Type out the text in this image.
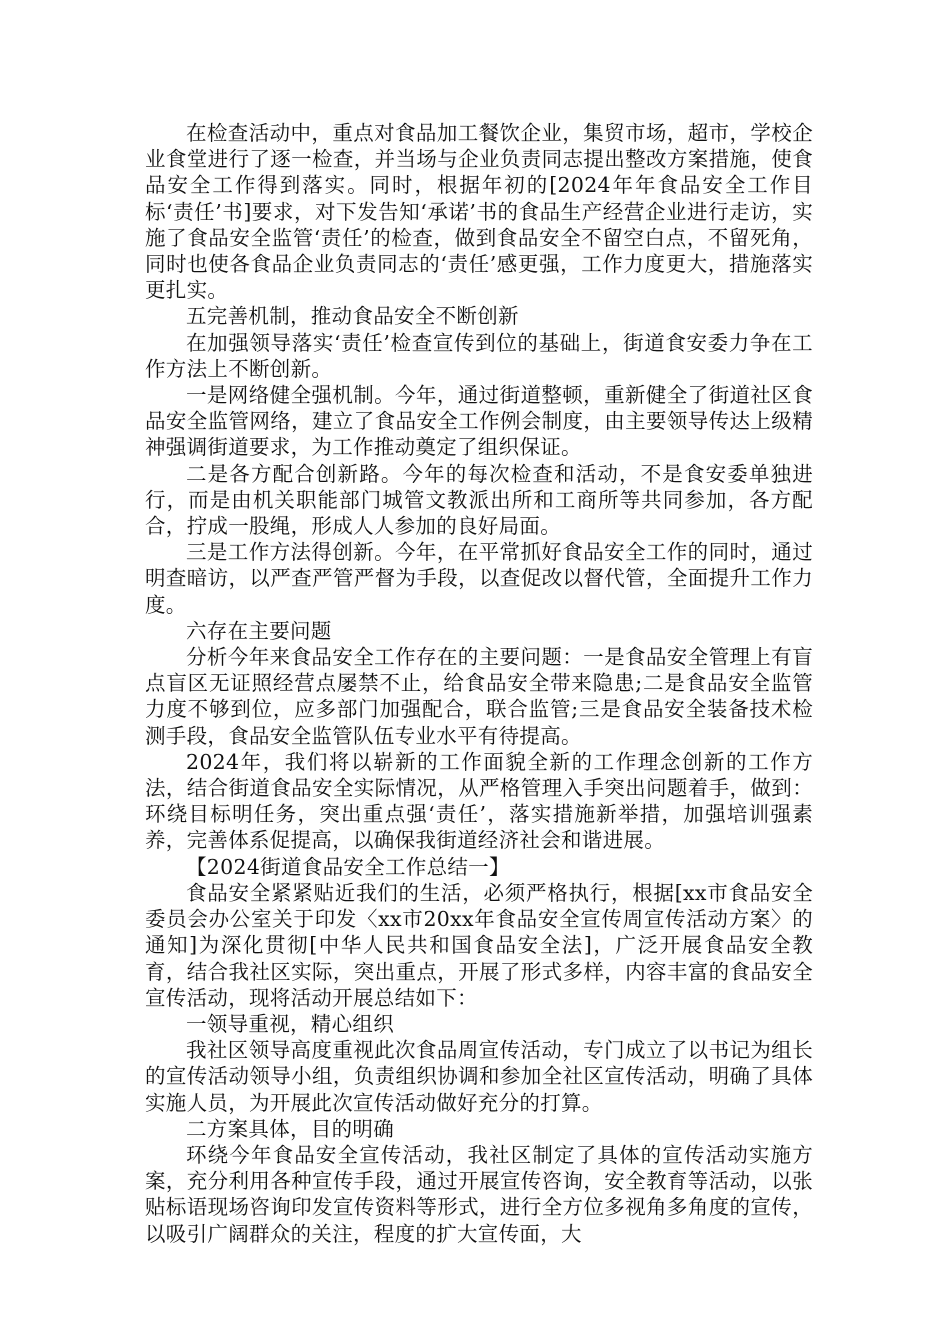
在检查活动中，重点对食品加工餐饮企业，集贸市场，超市，学校企业食堂进行了逐一检查，并当场与企业负责同志提出整改方案措施，使食品安全工作得到落实。同时，根据年初的[2024年年食品安全工作目标‘责任’书]要求，对下发告知‘承诺’书的食品生产经营企业进行走访，实施了食品安全监管‘责任’的检查，做到食品安全不留空白点，不留死角，同时也使各食品企业负责同志的‘责任’感更强，工作力度更大，措施落实更扎实。

五完善机制，推动食品安全不断创新

在加强领导落实‘责任’检查宣传到位的基础上，街道食安委力争在工作方法上不断创新。

一是网络健全强机制。今年，通过街道整顿，重新健全了街道社区食品安全监管网络，建立了食品安全工作例会制度，由主要领导传达上级精神强调街道要求，为工作推动奠定了组织保证。

二是各方配合创新路。今年的每次检查和活动，不是食安委单独进行，而是由机关职能部门城管文教派出所和工商所等共同参加，各方配合，拧成一股绳，形成人人参加的良好局面。

三是工作方法得创新。今年，在平常抓好食品安全工作的同时，通过明查暗访，以严查严管严督为手段，以查促改以督代管，全面提升工作力度。

六存在主要问题

分析今年来食品安全工作存在的主要问题：一是食品安全管理上有盲点盲区无证照经营点屡禁不止，给食品安全带来隐患;二是食品安全监管力度不够到位，应多部门加强配合，联合监管;三是食品安全装备技术检测手段，食品安全监管队伍专业水平有待提高。

2024年，我们将以崭新的工作面貌全新的工作理念创新的工作方法，结合街道食品安全实际情况，从严格管理入手突出问题着手，做到：环绕目标明任务，突出重点强‘责任’，落实措施新举措，加强培训强素养，完善体系促提高，以确保我街道经济社会和谐进展。

【2024街道食品安全工作总结一】

食品安全紧紧贴近我们的生活，必须严格执行，根据[xx市食品安全委员会办公室关于印发〈xx市20xx年食品安全宣传周宣传活动方案〉的通知]为深化贯彻[中华人民共和国食品安全法]，广泛开展食品安全教育，结合我社区实际，突出重点，开展了形式多样，内容丰富的食品安全宣传活动，现将活动开展总结如下：

一领导重视，精心组织

我社区领导高度重视此次食品周宣传活动，专门成立了以书记为组长的宣传活动领导小组，负责组织协调和参加全社区宣传活动，明确了具体实施人员，为开展此次宣传活动做好充分的打算。

二方案具体，目的明确

环绕今年食品安全宣传活动，我社区制定了具体的宣传活动实施方案，充分利用各种宣传手段，通过开展宣传咨询，安全教育等活动，以张贴标语现场咨询印发宣传资料等形式，进行全方位多视角多角度的宣传，以吸引广阔群众的关注，程度的扩大宣传面，大
